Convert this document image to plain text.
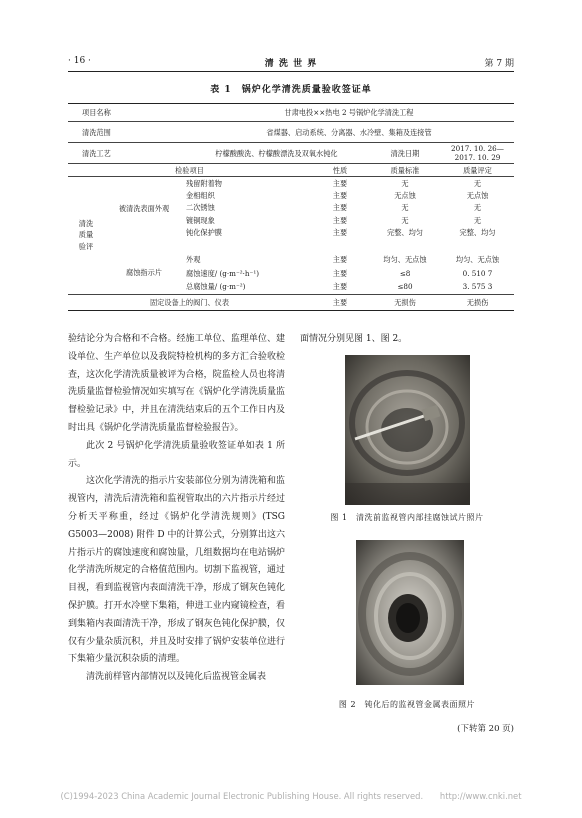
· 16 ·	清 洗 世 界	第 7 期
表 1　锅炉化学清洗质量验收签证单
项目名称		甘肃电投××热电 2 号锅炉化学清洗工程			
清洗范围		省煤器、启动系统、分离器、水冷壁、集箱及连接管			
清洗工艺		柠檬酸酸洗、柠檬酸漂洗及双氧水钝化		清洗日期	2017. 10. 26—2017. 10. 29
检验项目			性质	质量标准	质量评定
清洗
质量
验评	被清洗表面外观	残留附着物	主要	无	无
		金相组织	主要	无点蚀	无点蚀
		二次锈蚀	主要	无	无
		镀铜现象	主要	无	无
		钝化保护膜	主要	完整、均匀	完整、均匀

	腐蚀指示片	外观	主要	均匀、无点蚀	均匀、无点蚀
		腐蚀速度/ (g·m⁻²·h⁻¹)	主要	≤8	0. 510 7
		总腐蚀量/ (g·m⁻²)	主要	≤80	3. 575 3
固定设备上的阀门、仪表			主要	无损伤	无损伤

验结论分为合格和不合格。经施工单位、监理单位、建设单位、生产单位以及我院特检机构的多方汇合验收检查，这次化学清洗质量被评为合格，院监检人员也将清洗质量监督检验情况如实填写在《锅炉化学清洗质量监督检验记录》中，并且在清洗结束后的五个工作日内及时出具《锅炉化学清洗质量监督检验报告》。

此次 2 号锅炉化学清洗质量验收签证单如表 1 所示。

这次化学清洗的指示片安装部位分别为清洗箱和监视管内，清洗后清洗箱和监视管取出的六片指示片经过分析天平称重，经过《锅炉化学清洗规则》(TSG G5003—2008) 附件 D 中的计算公式，分别算出这六片指示片的腐蚀速度和腐蚀量，几组数据均在电站锅炉化学清洗所规定的合格值范围内。切割下监视管，通过目视，看到监视管内表面清洗干净，形成了钢灰色钝化保护膜。打开水冷壁下集箱，伸进工业内窥镜检查，看到集箱内表面清洗干净，形成了钢灰色钝化保护膜，仅仅有少量杂质沉积，并且及时安排了锅炉安装单位进行下集箱少量沉积杂质的清理。

清洗前样管内部情况以及钝化后监视管金属表

面情况分别见图 1、图 2。

图 1　清洗前监视管内部挂腐蚀试片照片
图 2　钝化后的监视管金属表面照片
(下转第 20 页)
(C)1994-2023 China Academic Journal Electronic Publishing House. All rights reserved.　　http://www.cnki.net
